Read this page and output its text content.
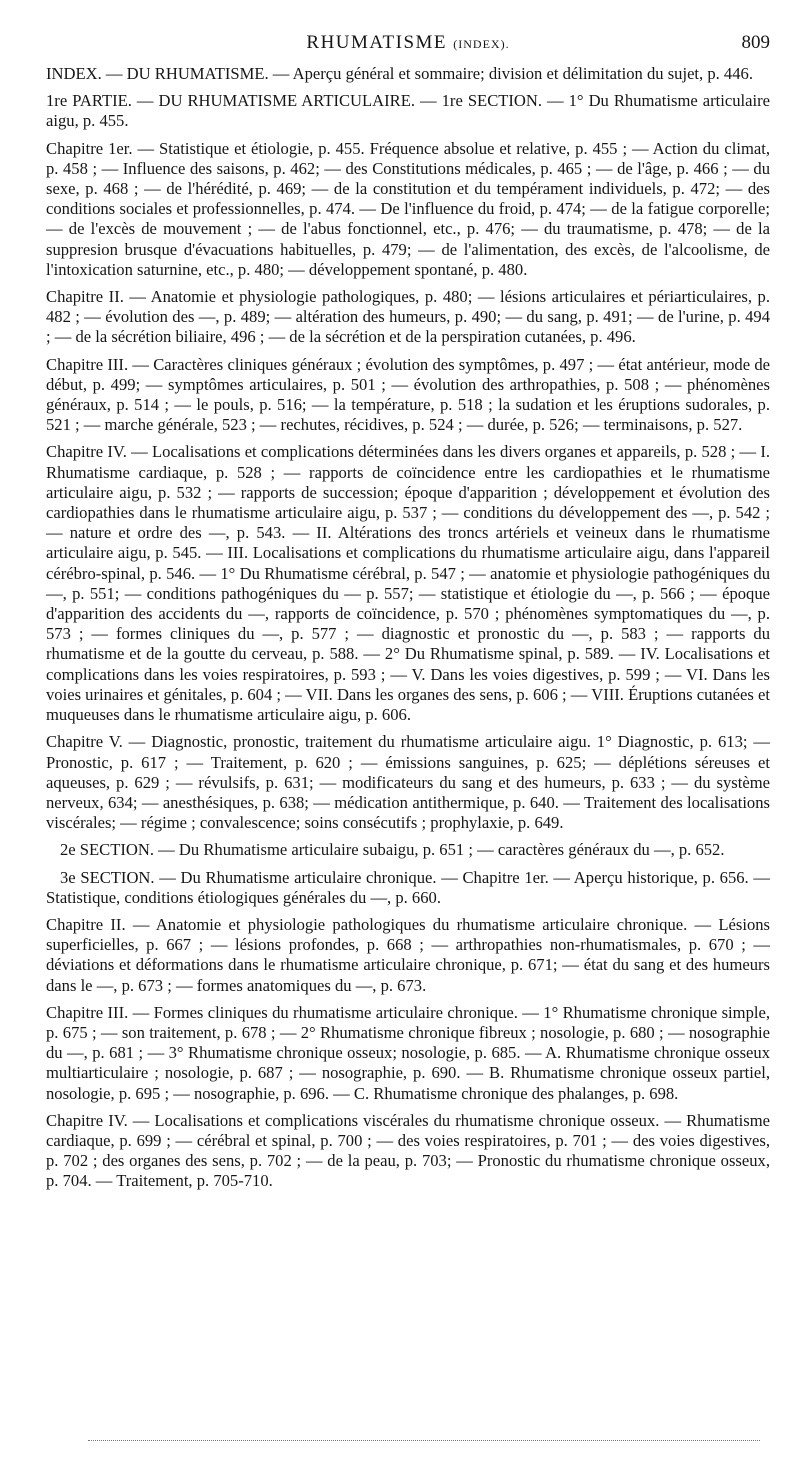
RHUMATISME (INDEX).	809

INDEX. — DU RHUMATISME. — Aperçu général et sommaire; division et délimitation du sujet, p. 446.

1re PARTIE. — DU RHUMATISME ARTICULAIRE. — 1re SECTION. — 1° Du Rhumatisme articulaire aigu, p. 455.

Chapitre 1er. — Statistique et étiologie, p. 455. Fréquence absolue et relative, p. 455 ; — Action du climat, p. 458 ; — Influence des saisons, p. 462; — des Constitutions médicales, p. 465 ; — de l'âge, p. 466 ; — du sexe, p. 468 ; — de l'hérédité, p. 469; — de la constitution et du tempérament individuels, p. 472; — des conditions sociales et professionnelles, p. 474. — De l'influence du froid, p. 474; — de la fatigue corporelle; — de l'excès de mouvement ; — de l'abus fonctionnel, etc., p. 476; — du traumatisme, p. 478; — de la suppresion brusque d'évacuations habituelles, p. 479; — de l'alimentation, des excès, de l'alcoolisme, de l'intoxication saturnine, etc., p. 480; — développement spontané, p. 480.

Chapitre II. — Anatomie et physiologie pathologiques, p. 480; — lésions articulaires et périarticulaires, p. 482 ; — évolution des —, p. 489; — altération des humeurs, p. 490; — du sang, p. 491; — de l'urine, p. 494 ; — de la sécrétion biliaire, 496 ; — de la sécrétion et de la perspiration cutanées, p. 496.

Chapitre III. — Caractères cliniques généraux ; évolution des symptômes, p. 497 ; — état antérieur, mode de début, p. 499; — symptômes articulaires, p. 501 ; — évolution des arthropathies, p. 508 ; — phénomènes généraux, p. 514 ; — le pouls, p. 516; — la température, p. 518 ; la sudation et les éruptions sudorales, p. 521 ; — marche générale, 523 ; — rechutes, récidives, p. 524 ; — durée, p. 526; — terminaisons, p. 527.

Chapitre IV. — Localisations et complications déterminées dans les divers organes et appareils, p. 528 ; — I. Rhumatisme cardiaque, p. 528 ; — rapports de coïncidence entre les cardiopathies et le rhumatisme articulaire aigu, p. 532 ; — rapports de succession; époque d'apparition ; développement et évolution des cardiopathies dans le rhumatisme articulaire aigu, p. 537 ; — conditions du développement des —, p. 542 ; — nature et ordre des —, p. 543. — II. Altérations des troncs artériels et veineux dans le rhumatisme articulaire aigu, p. 545. — III. Localisations et complications du rhumatisme articulaire aigu, dans l'appareil cérébro-spinal, p. 546. — 1° Du Rhumatisme cérébral, p. 547 ; — anatomie et physiologie pathogéniques du —, p. 551; — conditions pathogéniques du — p. 557; — statistique et étiologie du —, p. 566 ; — époque d'apparition des accidents du —, rapports de coïncidence, p. 570 ; phénomènes symptomatiques du —, p. 573 ; — formes cliniques du —, p. 577 ; — diagnostic et pronostic du —, p. 583 ; — rapports du rhumatisme et de la goutte du cerveau, p. 588. — 2° Du Rhumatisme spinal, p. 589. — IV. Localisations et complications dans les voies respiratoires, p. 593 ; — V. Dans les voies digestives, p. 599 ; — VI. Dans les voies urinaires et génitales, p. 604 ; — VII. Dans les organes des sens, p. 606 ; — VIII. Éruptions cutanées et muqueuses dans le rhumatisme articulaire aigu, p. 606.

Chapitre V. — Diagnostic, pronostic, traitement du rhumatisme articulaire aigu. 1° Diagnostic, p. 613; — Pronostic, p. 617 ; — Traitement, p. 620 ; — émissions sanguines, p. 625; — déplétions séreuses et aqueuses, p. 629 ; — révulsifs, p. 631; — modificateurs du sang et des humeurs, p. 633 ; — du système nerveux, 634; — anesthésiques, p. 638; — médication antithermique, p. 640. — Traitement des localisations viscérales; — régime ; convalescence; soins consécutifs ; prophylaxie, p. 649.

2e SECTION. — Du Rhumatisme articulaire subaigu, p. 651 ; — caractères généraux du —, p. 652.

3e SECTION. — Du Rhumatisme articulaire chronique. — Chapitre 1er. — Aperçu historique, p. 656. — Statistique, conditions étiologiques générales du —, p. 660.

Chapitre II. — Anatomie et physiologie pathologiques du rhumatisme articulaire chronique. — Lésions superficielles, p. 667 ; — lésions profondes, p. 668 ; — arthropathies non-rhumatismales, p. 670 ; — déviations et déformations dans le rhumatisme articulaire chronique, p. 671; — état du sang et des humeurs dans le —, p. 673 ; — formes anatomiques du —, p. 673.

Chapitre III. — Formes cliniques du rhumatisme articulaire chronique. — 1° Rhumatisme chronique simple, p. 675 ; — son traitement, p. 678 ; — 2° Rhumatisme chronique fibreux ; nosologie, p. 680 ; — nosographie du —, p. 681 ; — 3° Rhumatisme chronique osseux; nosologie, p. 685. — A. Rhumatisme chronique osseux multiarticulaire ; nosologie, p. 687 ; — nosographie, p. 690. — B. Rhumatisme chronique osseux partiel, nosologie, p. 695 ; — nosographie, p. 696. — C. Rhumatisme chronique des phalanges, p. 698.

Chapitre IV. — Localisations et complications viscérales du rhumatisme chronique osseux. — Rhumatisme cardiaque, p. 699 ; — cérébral et spinal, p. 700 ; — des voies respiratoires, p. 701 ; — des voies digestives, p. 702 ; des organes des sens, p. 702 ; — de la peau, p. 703; — Pronostic du rhumatisme chronique osseux, p. 704. — Traitement, p. 705-710.
